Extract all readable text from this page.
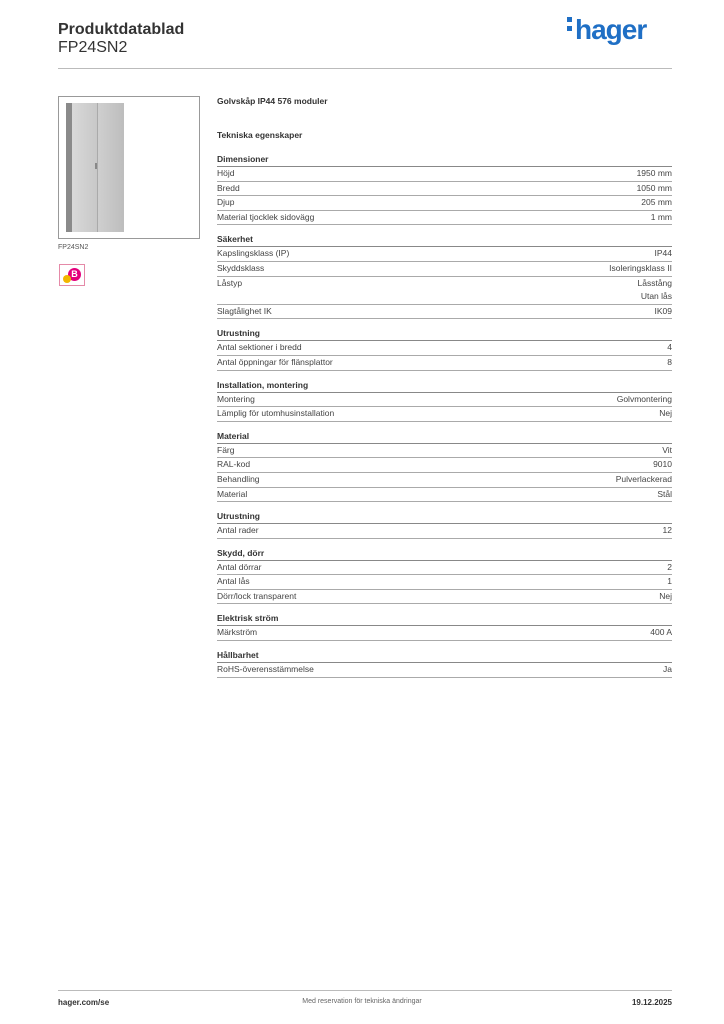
Produktdatablad
FP24SN2
hager
FP24SN2
B
Golvskåp IP44 576 moduler
Tekniska egenskaper
Dimensioner
Höjd	1950 mm
Bredd	1050 mm
Djup	205 mm
Material tjocklek sidovägg	1 mm
Säkerhet
Kapslingsklass (IP)	IP44
Skyddsklass	Isoleringsklass II
Låstyp	Låsstång
Utan lås
Slagtålighet IK	IK09
Utrustning
Antal sektioner i bredd	4
Antal öppningar för flänsplattor	8
Installation, montering
Montering	Golvmontering
Lämplig för utomhusinstallation	Nej
Material
Färg	Vit
RAL-kod	9010
Behandling	Pulverlackerad
Material	Stål
Utrustning
Antal rader	12
Skydd, dörr
Antal dörrar	2
Antal lås	1
Dörr/lock transparent	Nej
Elektrisk ström
Märkström	400 A
Hållbarhet
RoHS-överensstämmelse	Ja
hager.com/se	Med reservation för tekniska ändringar	19.12.2025
